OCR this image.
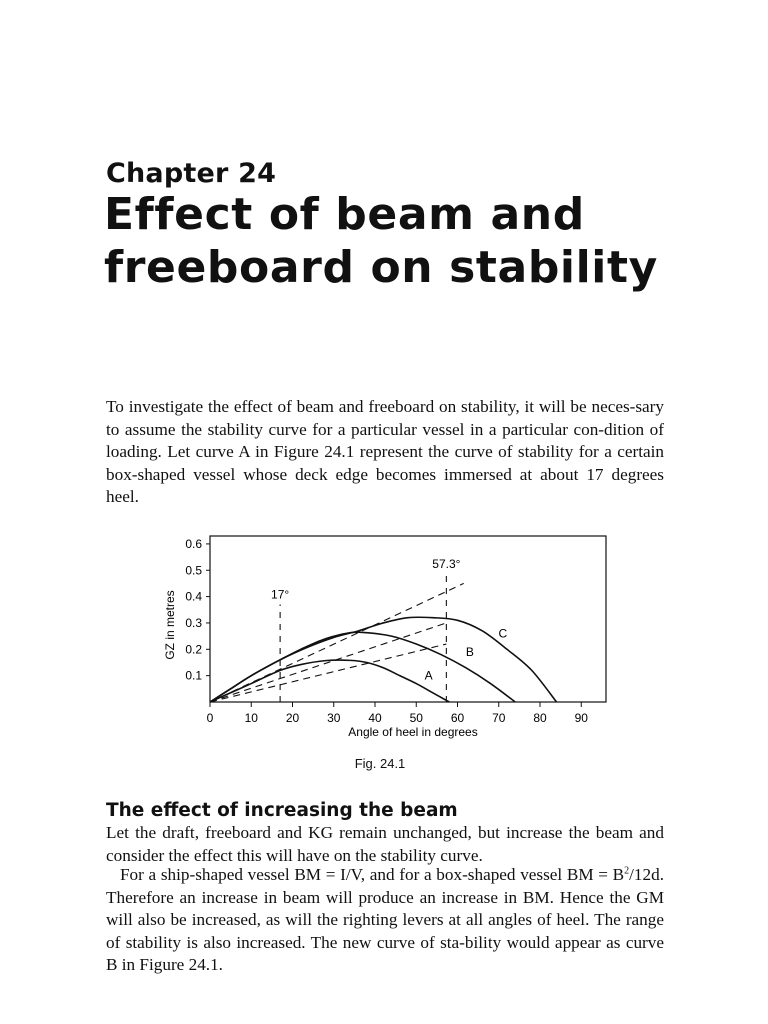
Chapter 24
Effect of beam and freeboard on stability

To investigate the effect of beam and freeboard on stability, it will be neces-sary to assume the stability curve for a particular vessel in a particular con-dition of loading. Let curve A in Figure 24.1 represent the curve of stability for a certain box-shaped vessel whose deck edge becomes immersed at about 17 degrees heel.

0	10 20 30 40 50 60 70 80 90
0.1
0.2
0.3
0.4
0.5
0.6
Angle of heel in degrees
GZ in metres	17°
57.3°
A
B
C

Fig. 24.1

The effect of increasing the beam

Let the draft, freeboard and KG remain unchanged, but increase the beam and consider the effect this will have on the stability curve.

For a ship-shaped vessel BM = I/V, and for a box-shaped vessel BM = $B^2/12d$. Therefore an increase in beam will produce an increase in BM. Hence the GM will also be increased, as will the righting levers at all angles of heel. The range of stability is also increased. The new curve of sta-bility would appear as curve B in Figure 24.1.
